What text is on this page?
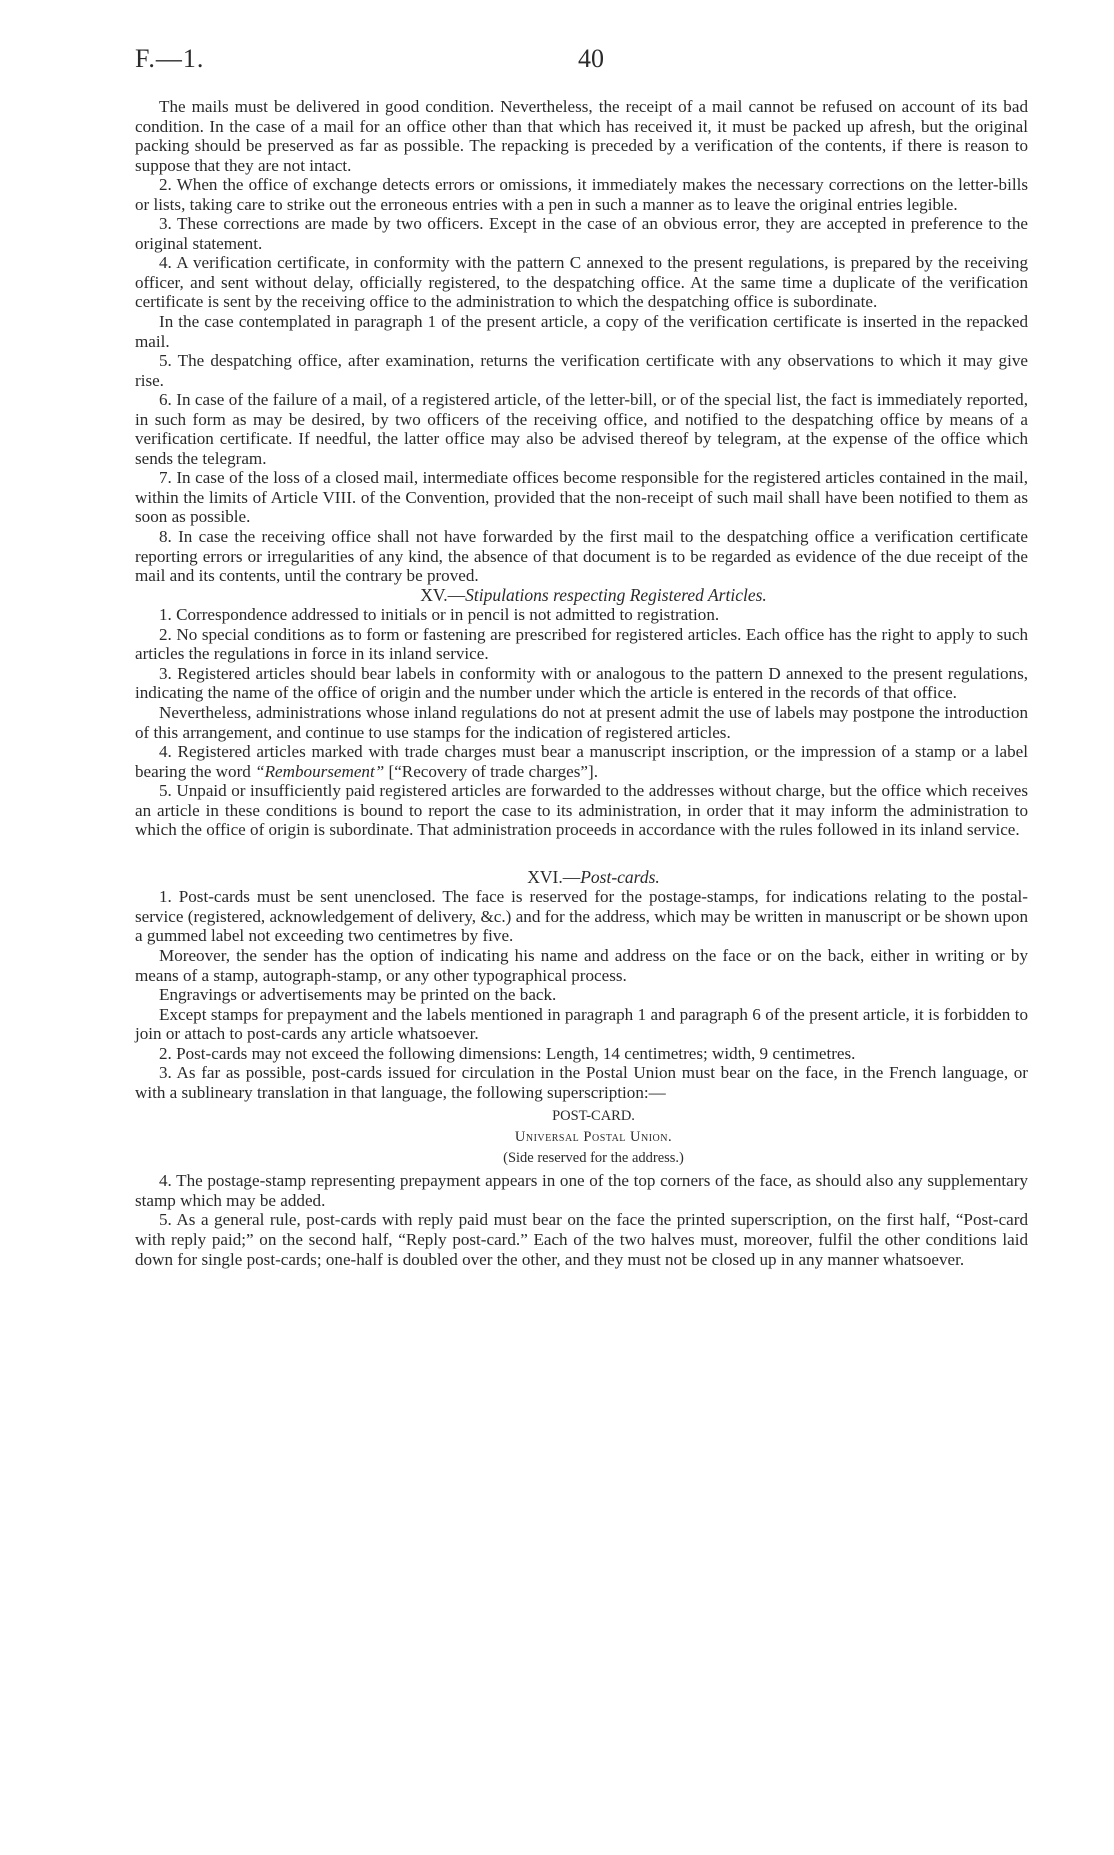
F.—1.	40

The mails must be delivered in good condition. Nevertheless, the receipt of a mail cannot be refused on account of its bad condition. In the case of a mail for an office other than that which has received it, it must be packed up afresh, but the original packing should be preserved as far as possible. The repacking is preceded by a verification of the contents, if there is reason to suppose that they are not intact.

2. When the office of exchange detects errors or omissions, it immediately makes the necessary corrections on the letter-bills or lists, taking care to strike out the erroneous entries with a pen in such a manner as to leave the original entries legible.

3. These corrections are made by two officers. Except in the case of an obvious error, they are accepted in preference to the original statement.

4. A verification certificate, in conformity with the pattern C annexed to the present regulations, is prepared by the receiving officer, and sent without delay, officially registered, to the despatching office. At the same time a duplicate of the verification certificate is sent by the receiving office to the administration to which the despatching office is subordinate.

In the case contemplated in paragraph 1 of the present article, a copy of the verification certificate is inserted in the repacked mail.

5. The despatching office, after examination, returns the verification certificate with any observations to which it may give rise.

6. In case of the failure of a mail, of a registered article, of the letter-bill, or of the special list, the fact is immediately reported, in such form as may be desired, by two officers of the receiving office, and notified to the despatching office by means of a verification certificate. If needful, the latter office may also be advised thereof by telegram, at the expense of the office which sends the telegram.

7. In case of the loss of a closed mail, intermediate offices become responsible for the registered articles contained in the mail, within the limits of Article VIII. of the Convention, provided that the non-receipt of such mail shall have been notified to them as soon as possible.

8. In case the receiving office shall not have forwarded by the first mail to the despatching office a verification certificate reporting errors or irregularities of any kind, the absence of that document is to be regarded as evidence of the due receipt of the mail and its contents, until the contrary be proved.

XV.—Stipulations respecting Registered Articles.

1. Correspondence addressed to initials or in pencil is not admitted to registration.

2. No special conditions as to form or fastening are prescribed for registered articles. Each office has the right to apply to such articles the regulations in force in its inland service.

3. Registered articles should bear labels in conformity with or analogous to the pattern D annexed to the present regulations, indicating the name of the office of origin and the number under which the article is entered in the records of that office.

Nevertheless, administrations whose inland regulations do not at present admit the use of labels may postpone the introduction of this arrangement, and continue to use stamps for the indication of registered articles.

4. Registered articles marked with trade charges must bear a manuscript inscription, or the impression of a stamp or a label bearing the word “Remboursement” [“Recovery of trade charges”].

5. Unpaid or insufficiently paid registered articles are forwarded to the addresses without charge, but the office which receives an article in these conditions is bound to report the case to its administration, in order that it may inform the administration to which the office of origin is subordinate. That administration proceeds in accordance with the rules followed in its inland service.

XVI.—Post-cards.

1. Post-cards must be sent unenclosed. The face is reserved for the postage-stamps, for indications relating to the postal-service (registered, acknowledgement of delivery, &c.) and for the address, which may be written in manuscript or be shown upon a gummed label not exceeding two centimetres by five.

Moreover, the sender has the option of indicating his name and address on the face or on the back, either in writing or by means of a stamp, autograph-stamp, or any other typographical process.

Engravings or advertisements may be printed on the back.

Except stamps for prepayment and the labels mentioned in paragraph 1 and paragraph 6 of the present article, it is forbidden to join or attach to post-cards any article whatsoever.

2. Post-cards may not exceed the following dimensions: Length, 14 centimetres; width, 9 centimetres.

3. As far as possible, post-cards issued for circulation in the Postal Union must bear on the face, in the French language, or with a sublineary translation in that language, the following superscription:—

POST-CARD.

Universal Postal Union.

(Side reserved for the address.)

4. The postage-stamp representing prepayment appears in one of the top corners of the face, as should also any supplementary stamp which may be added.

5. As a general rule, post-cards with reply paid must bear on the face the printed superscription, on the first half, “Post-card with reply paid;” on the second half, “Reply post-card.” Each of the two halves must, moreover, fulfil the other conditions laid down for single post-cards; one-half is doubled over the other, and they must not be closed up in any manner whatsoever.
